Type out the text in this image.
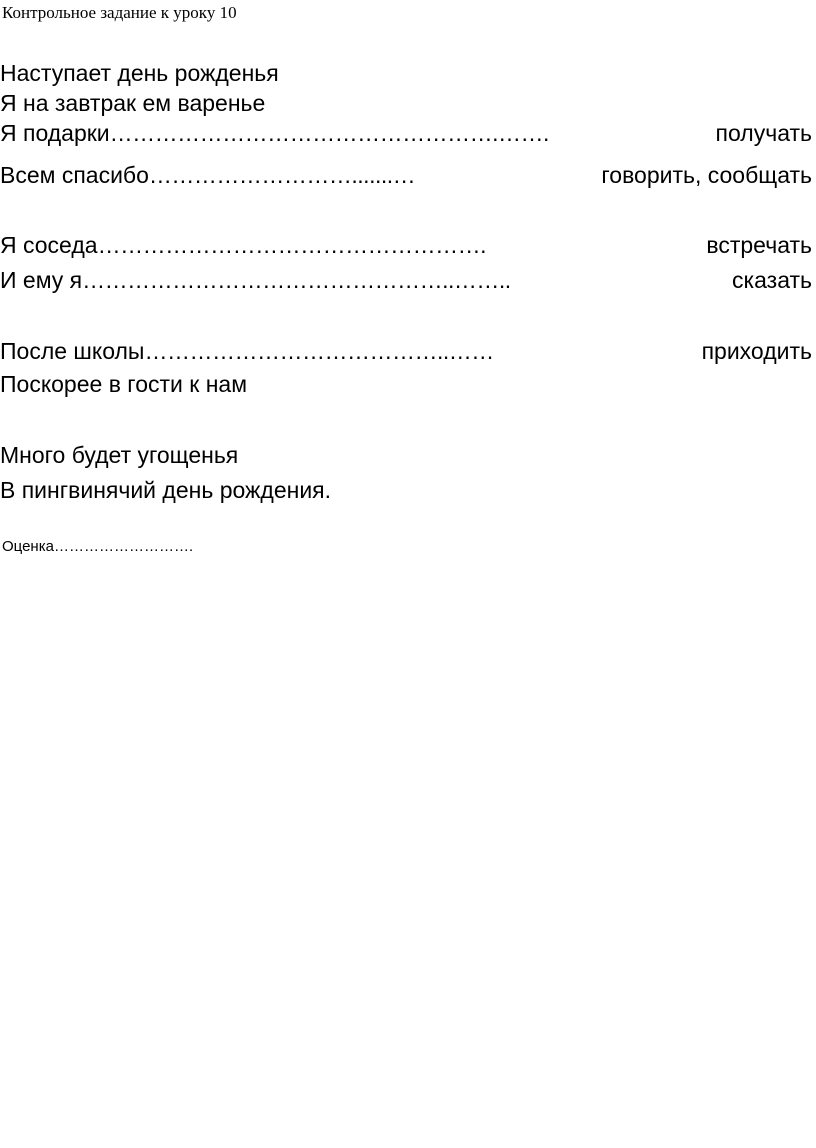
Контрольное задание к уроку 10
Наступает день рожденья
Я на завтрак ем варенье
Я подарки …………………………………………….…….	получать
Всем спасибо ……………………….......…	говорить, сообщать
Я соседа …………………………………………….	встречать
И ему я …………………………………………..……..	сказать
После школы …………………………………..……	приходить
Поскорее в гости к нам
Много будет угощенья
В пингвинячий день рождения.
Оценка……………………….
